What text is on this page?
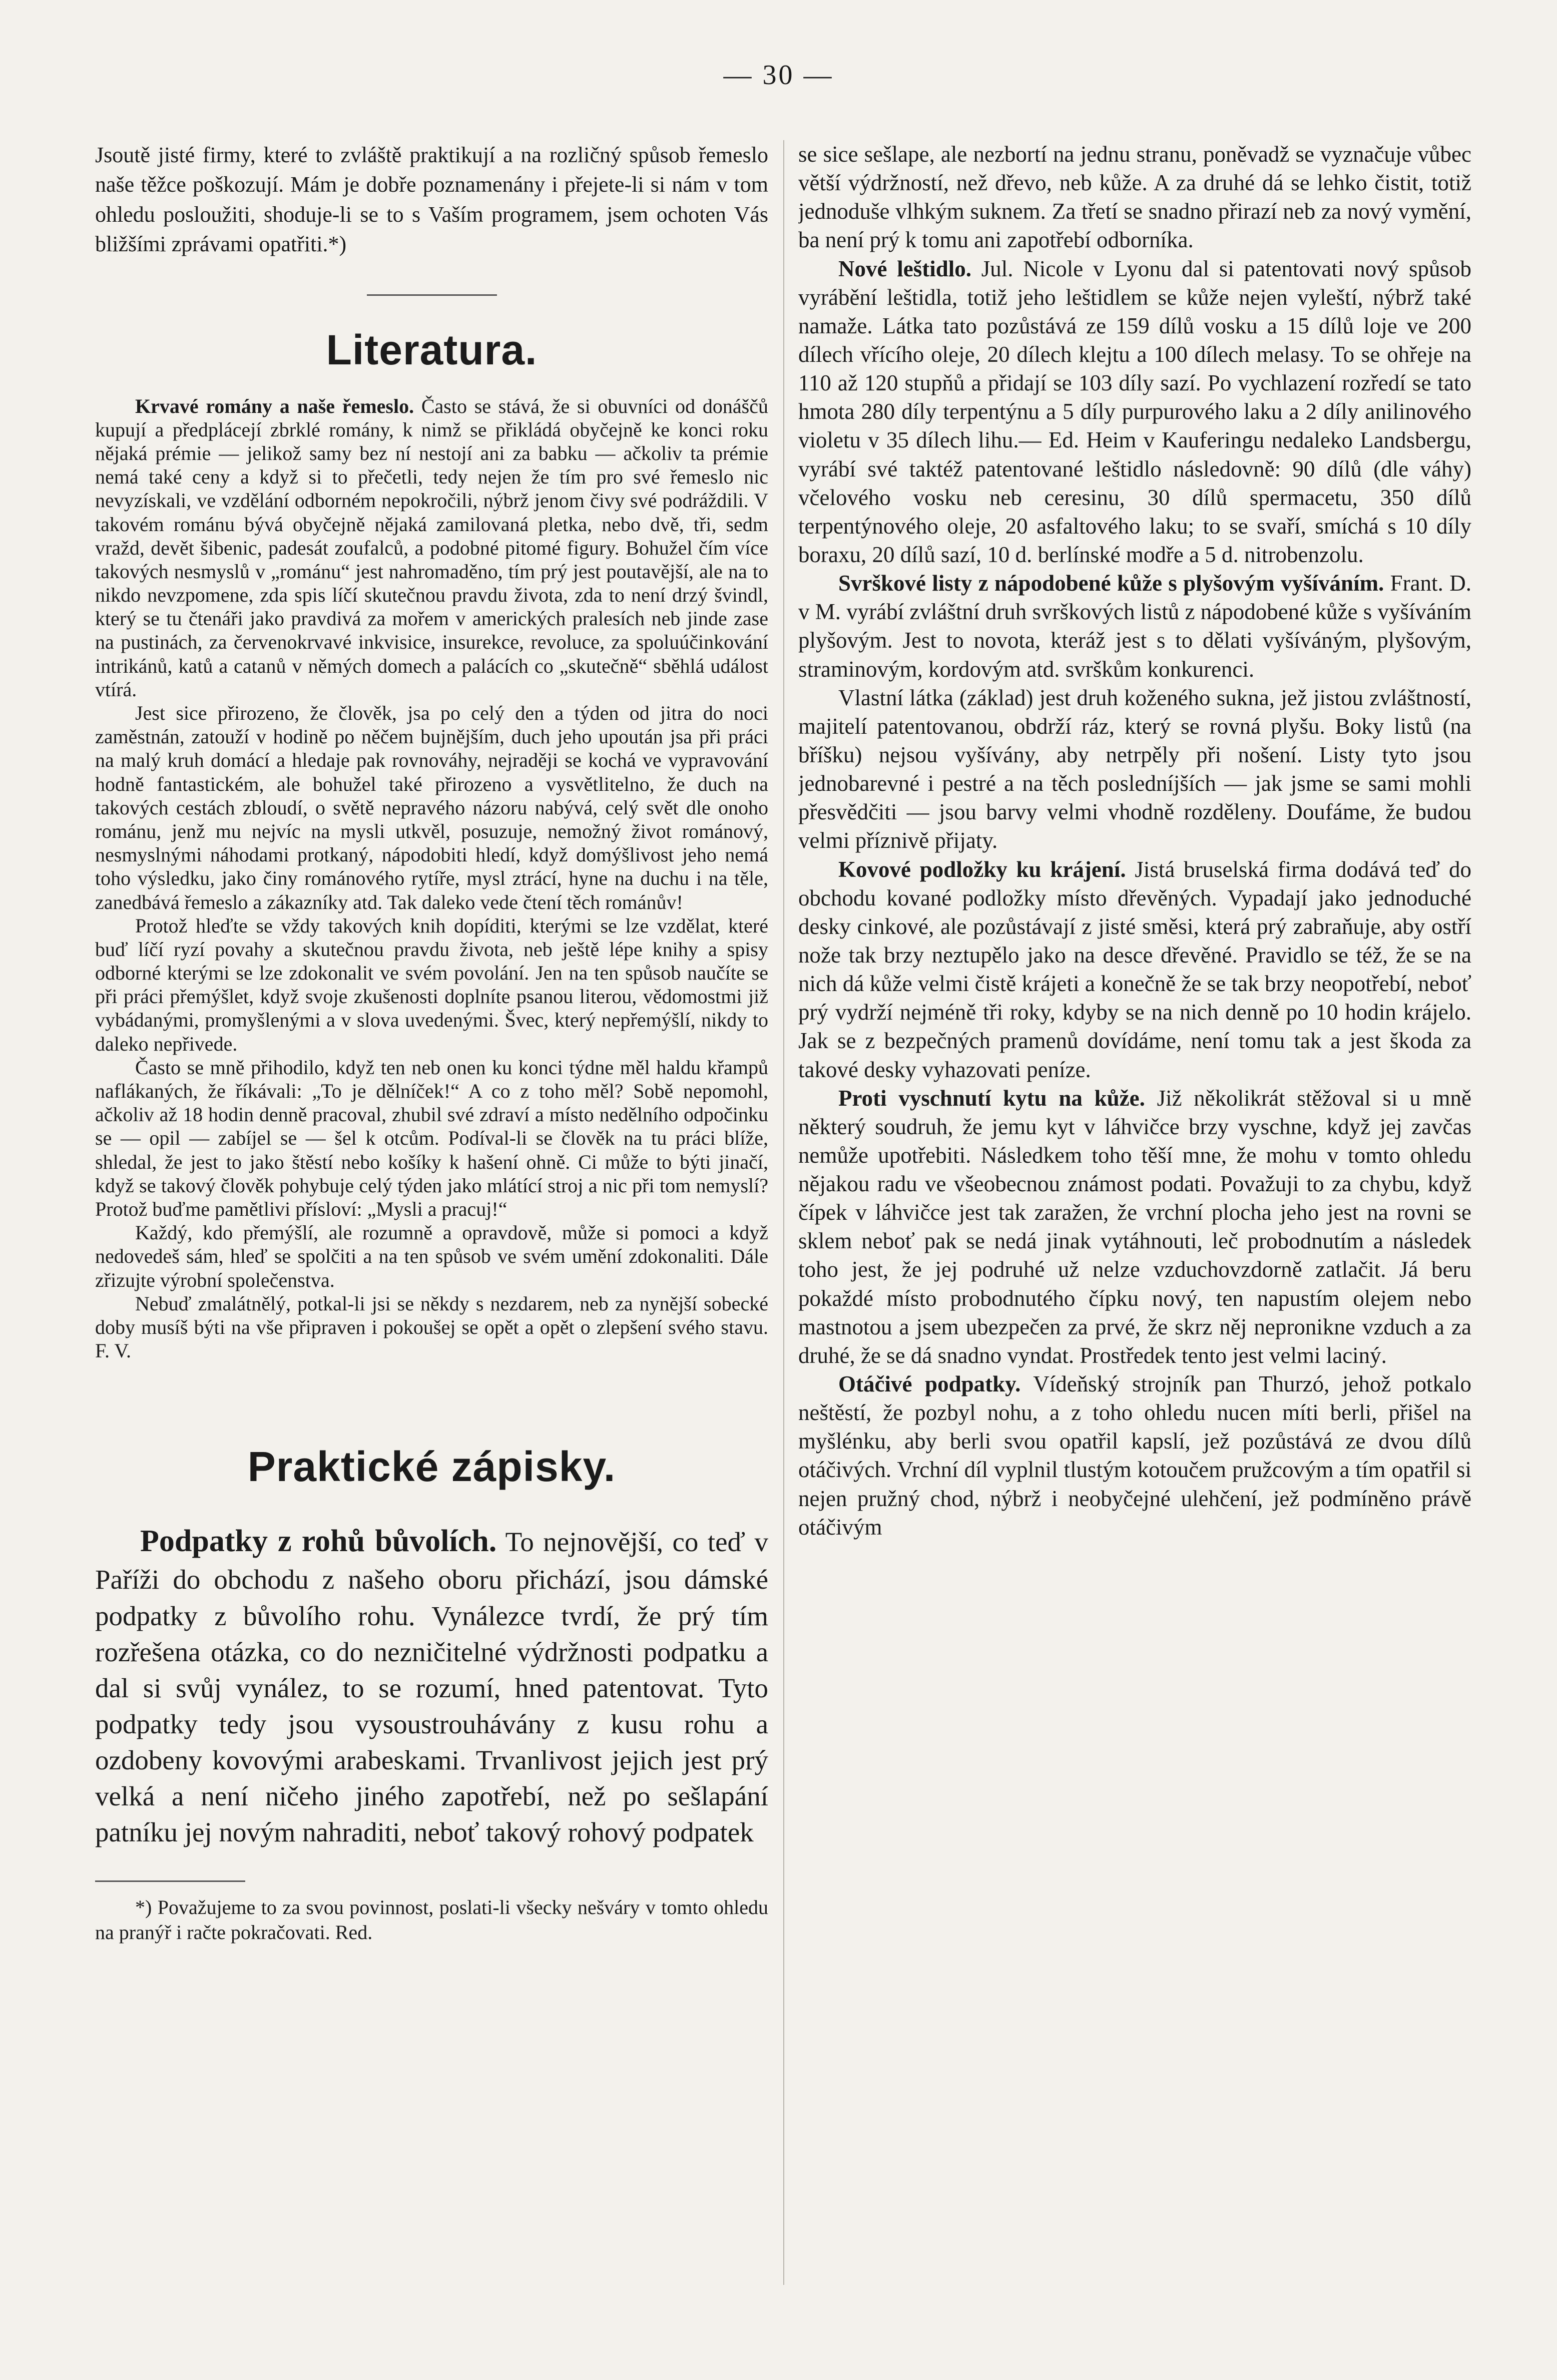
— 30 —

Jsoutě jisté firmy, které to zvláště praktikují a na rozličný spůsob řemeslo naše těžce poškozují. Mám je dobře poznamenány i přejete-li si nám v tom ohledu posloužiti, shoduje-li se to s Vaším programem, jsem ochoten Vás bližšími zprávami opatřiti.*)

Literatura.

Krvavé romány a naše řemeslo. Často se stává, že si obuvníci od donáščů kupují a předplácejí zbrklé romány, k nimž se přikládá obyčejně ke konci roku nějaká prémie — jelikož samy bez ní nestojí ani za babku — ačkoliv ta prémie nemá také ceny a když si to přečetli, tedy nejen že tím pro své řemeslo nic nevyzískali, ve vzdělání odborném nepokročili, nýbrž jenom čivy své podráždili. V takovém románu bývá obyčejně nějaká zamilovaná pletka, nebo dvě, tři, sedm vražd, devět šibenic, padesát zoufalců, a podobné pitomé figury. Bohužel čím více takových nesmyslů v „románu“ jest nahromaděno, tím prý jest poutavější, ale na to nikdo nevzpomene, zda spis líčí skutečnou pravdu života, zda to není drzý švindl, který se tu čtenáři jako pravdivá za mořem v amerických pralesích neb jinde zase na pustinách, za červenokrvavé inkvisice, insurekce, revoluce, za spoluúčinkování intrikánů, katů a catanů v němých domech a palácích co „skutečně“ sběhlá událost vtírá.

Jest sice přirozeno, že člověk, jsa po celý den a týden od jitra do noci zaměstnán, zatouží v hodině po něčem bujnějším, duch jeho upoután jsa při práci na malý kruh domácí a hledaje pak rovnováhy, nejraději se kochá ve vypravování hodně fantastickém, ale bohužel také přirozeno a vysvětlitelno, že duch na takových cestách zbloudí, o světě nepravého názoru nabývá, celý svět dle onoho románu, jenž mu nejvíc na mysli utkvěl, posuzuje, nemožný život románový, nesmyslnými náhodami protkaný, nápodobiti hledí, když domýšlivost jeho nemá toho výsledku, jako činy románového rytíře, mysl ztrácí, hyne na duchu i na těle, zanedbává řemeslo a zákazníky atd. Tak daleko vede čtení těch románův!

Protož hleďte se vždy takových knih dopíditi, kterými se lze vzdělat, které buď líčí ryzí povahy a skutečnou pravdu života, neb ještě lépe knihy a spisy odborné kterými se lze zdokonalit ve svém povolání. Jen na ten spůsob naučíte se při práci přemýšlet, když svoje zkušenosti doplníte psanou literou, vědomostmi již vybádanými, promyšlenými a v slova uvedenými. Švec, který nepřemýšlí, nikdy to daleko nepřivede.

Často se mně přihodilo, když ten neb onen ku konci týdne měl haldu křampů naflákaných, že říkávali: „To je dělníček!“ A co z toho měl? Sobě nepomohl, ačkoliv až 18 hodin denně pracoval, zhubil své zdraví a místo nedělního odpočinku se — opil — zabíjel se — šel k otcům. Podíval-li se člověk na tu práci blíže, shledal, že jest to jako štěstí nebo košíky k hašení ohně. Ci může to býti jinačí, když se takový člověk pohybuje celý týden jako mlátící stroj a nic při tom nemyslí? Protož buďme pamětlivi přísloví: „Mysli a pracuj!“

Každý, kdo přemýšlí, ale rozumně a opravdově, může si pomoci a když nedovedeš sám, hleď se spolčiti a na ten spůsob ve svém umění zdokonaliti. Dále zřizujte výrobní společenstva.

Nebuď zmalátnělý, potkal-li jsi se někdy s nezdarem, neb za nynější sobecké doby musíš býti na vše připraven i pokoušej se opět a opět o zlepšení svého stavu. F. V.

Praktické zápisky.

Podpatky z rohů bůvolích. To nejnovější, co teď v Paříži do obchodu z našeho oboru přichází, jsou dámské podpatky z bůvolího rohu. Vynálezce tvrdí, že prý tím rozřešena otázka, co do nezničitelné výdržnosti podpatku a dal si svůj vynález, to se rozumí, hned patentovat. Tyto podpatky tedy jsou vysoustrouhávány z kusu rohu a ozdobeny kovovými arabeskami. Trvanlivost jejich jest prý velká a není ničeho jiného zapotřebí, než po sešlapání patníku jej novým nahraditi, neboť takový rohový podpatek

*) Považujeme to za svou povinnost, poslati-li všecky nešváry v tomto ohledu na pranýř i račte pokračovati. Red.

se sice sešlape, ale nezbortí na jednu stranu, poněvadž se vyznačuje vůbec větší výdržností, než dřevo, neb kůže. A za druhé dá se lehko čistit, totiž jednoduše vlhkým suknem. Za třetí se snadno přirazí neb za nový vymění, ba není prý k tomu ani zapotřebí odborníka.

Nové leštidlo. Jul. Nicole v Lyonu dal si patentovati nový spůsob vyrábění leštidla, totiž jeho leštidlem se kůže nejen vyleští, nýbrž také namaže. Látka tato pozůstává ze 159 dílů vosku a 15 dílů loje ve 200 dílech vřícího oleje, 20 dílech klejtu a 100 dílech melasy. To se ohřeje na 110 až 120 stupňů a přidají se 103 díly sazí. Po vychlazení rozředí se tato hmota 280 díly terpentýnu a 5 díly purpurového laku a 2 díly anilinového violetu v 35 dílech lihu.— Ed. Heim v Kauferingu nedaleko Landsbergu, vyrábí své taktéž patentované leštidlo následovně: 90 dílů (dle váhy) včelového vosku neb ceresinu, 30 dílů spermacetu, 350 dílů terpentýnového oleje, 20 asfaltového laku; to se svaří, smíchá s 10 díly boraxu, 20 dílů sazí, 10 d. berlínské modře a 5 d. nitrobenzolu.

Svrškové listy z nápodobené kůže s plyšovým vyšíváním. Frant. D. v M. vyrábí zvláštní druh svrškových listů z nápodobené kůže s vyšíváním plyšovým. Jest to novota, kteráž jest s to dělati vyšíváným, plyšovým, straminovým, kordovým atd. svrškům konkurenci.

Vlastní látka (základ) jest druh koženého sukna, jež jistou zvláštností, majitelí patentovanou, obdrží ráz, který se rovná plyšu. Boky listů (na bříšku) nejsou vyšívány, aby netrpěly při nošení. Listy tyto jsou jednobarevné i pestré a na těch posledníjších — jak jsme se sami mohli přesvědčiti — jsou barvy velmi vhodně rozděleny. Doufáme, že budou velmi příznivě přijaty.

Kovové podložky ku krájení. Jistá bruselská firma dodává teď do obchodu kované podložky místo dřevěných. Vypadají jako jednoduché desky cinkové, ale pozůstávají z jisté směsi, která prý zabraňuje, aby ostří nože tak brzy neztupělo jako na desce dřevěné. Pravidlo se též, že se na nich dá kůže velmi čistě krájeti a konečně že se tak brzy neopotřebí, neboť prý vydrží nejméně tři roky, kdyby se na nich denně po 10 hodin krájelo. Jak se z bezpečných pramenů dovídáme, není tomu tak a jest škoda za takové desky vyhazovati peníze.

Proti vyschnutí kytu na kůže. Již několikrát stěžoval si u mně některý soudruh, že jemu kyt v láhvičce brzy vyschne, když jej zavčas nemůže upotřebiti. Následkem toho těší mne, že mohu v tomto ohledu nějakou radu ve všeobecnou známost podati. Považuji to za chybu, když čípek v láhvičce jest tak zaražen, že vrchní plocha jeho jest na rovni se sklem neboť pak se nedá jinak vytáhnouti, leč probodnutím a následek toho jest, že jej podruhé už nelze vzduchovzdorně zatlačit. Já beru pokaždé místo probodnutého čípku nový, ten napustím olejem nebo mastnotou a jsem ubezpečen za prvé, že skrz něj nepronikne vzduch a za druhé, že se dá snadno vyndat. Prostředek tento jest velmi laciný.

Otáčivé podpatky. Vídeňský strojník pan Thurzó, jehož potkalo neštěstí, že pozbyl nohu, a z toho ohledu nucen míti berli, přišel na myšlénku, aby berli svou opatřil kapslí, jež pozůstává ze dvou dílů otáčivých. Vrchní díl vyplnil tlustým kotoučem pružcovým a tím opatřil si nejen pružný chod, nýbrž i neobyčejné ulehčení, jež podmíněno právě otáčivým
